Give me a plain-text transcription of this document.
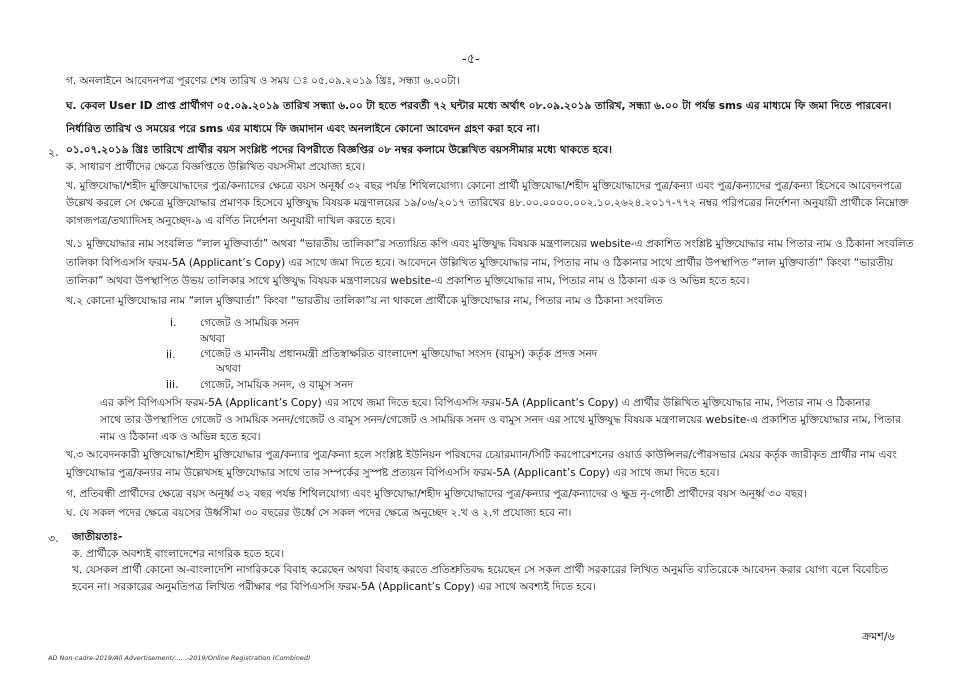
-৫-
গ. অনলাইনে আবেদনপত্র পূরণের শেষ তারিখ ও সময় ঃ ০৫.০৯.২০১৯ খ্রিঃ, সন্ধ্যা ৬.০০টা।
ঘ. কেবল User ID প্রাপ্ত প্রার্থীগণ ০৫.০৯.২০১৯ তারিখ সন্ধ্যা ৬.০০ টা হতে পরবর্তী ৭২ ঘন্টার মধ্যে অর্থাৎ ০৮.০৯.২০১৯ তারিখ, সন্ধ্যা ৬.০০ টা পর্যন্ত sms এর মাধ্যমে ফি জমা দিতে পারবেন।
নির্ধারিত তারিখ ও সময়ের পরে sms এর মাধ্যমে ফি জমাদান এবং অনলাইনে কোনো আবেদন গ্রহণ করা হবে না।
২. ০১.০৭.২০১৯ খ্রিঃ তারিখে প্রার্থীর বয়স সংশ্লিষ্ট পদের বিপরীতে বিজ্ঞপ্তির ০৮ নম্বর কলামে উল্লেখিত বয়সসীমার মধ্যে থাকতে হবে।
ক. সাধারণ প্রার্থীদের ক্ষেত্রে বিজ্ঞপ্তিতে উল্লিখিত বয়সসীমা প্রযোজ্য হবে।
খ. মুক্তিযোদ্ধা/শহীদ মুক্তিযোদ্ধাদের পুত্র/কন্যাদের ক্ষেত্রে বয়স অনূর্ধ্ব ৩২ বছর পর্যন্ত শিথিলযোগ্য। কোনো প্রার্থী মুক্তিযোদ্ধা/শহীদ মুক্তিযোদ্ধাদের পুত্র/কন্যা এবং পুত্র/কন্যাদের পুত্র/কন্যা হিসেবে আবেদনপত্রে
উল্লেখ করলে সে ক্ষেত্রে মুক্তিযোদ্ধার প্রমাণক হিসেবে মুক্তিযুদ্ধ বিষয়ক মন্ত্রণালয়ের ১৯/০৬/২০১৭ তারিখের ৪৮.০০.০০০০.০০২.১০.২৬২৪.২০১৭-৭৭২ নম্বর পরিপত্রের নির্দেশনা অনুযায়ী প্রার্থীকে নিম্নোক্ত
কাগজপত্র/তথ্যাদিসহ অনুচ্ছেদ-৯ এ বর্ণিত নির্দেশনা অনুযায়ী দাখিল করতে হবে।
খ.১ মুক্তিযোদ্ধার নাম সংবলিত “লাল মুক্তিবার্তা” অথবা “ভারতীয় তালিকা”র সত্যায়িত কপি এবং মুক্তিযুদ্ধ বিষয়ক মন্ত্রণালয়ের website-এ প্রকাশিত সংশ্লিষ্ট মুক্তিযোদ্ধার নাম পিতার নাম ও ঠিকানা সংবলিত
তালিকা বিপিএসসি ফরম-5A (Applicant’s Copy) এর সাথে জমা দিতে হবে। আবেদনে উল্লিখিত মুক্তিযোদ্ধার নাম, পিতার নাম ও ঠিকানার সাথে প্রার্থীর উপস্থাপিত “লাল মুক্তিবার্তা” কিংবা “ভারতীয়
তালিকা” অথবা উপস্থাপিত উভয় তালিকার সাথে মুক্তিযুদ্ধ বিষয়ক মন্ত্রণালয়ের website-এ প্রকাশিত মুক্তিযোদ্ধার নাম, পিতার নাম ও ঠিকানা এক ও অভিন্ন হতে হবে।
খ.২ কোনো মুক্তিযোদ্ধার নাম “লাল মুক্তিবার্তা” কিংবা “ভারতীয় তালিকা”য় না থাকলে প্রার্থীকে মুক্তিযোদ্ধার নাম, পিতার নাম ও ঠিকানা সংবলিত
i. গেজেট ও সাময়িক সনদ
অথবা
ii. গেজেট ও মাননীয় প্রধানমন্ত্রী প্রতিস্বাক্ষরিত বাংলাদেশ মুক্তিযোদ্ধা সংসদ (বামুস) কর্তৃক প্রদত্ত সনদ
অথবা
iii. গেজেট, সাময়িক সনদ, ও বামুস সনদ
এর কপি বিপিএসসি ফরম-5A (Applicant’s Copy) এর সাথে জমা দিতে হবে। বিপিএসসি ফরম-5A (Applicant’s Copy) এ প্রার্থীর উল্লিখিত মুক্তিযোদ্ধার নাম, পিতার নাম ও ঠিকানার
সাথে তার উপস্থাপিত গেজেট ও সাময়িক সনদ/গেজেট ও বামুস সনদ/গেজেট ও সাময়িক সনদ ও বামুস সনদ এর সাথে মুক্তিযুদ্ধ বিষয়ক মন্ত্রণালয়ের website-এ প্রকাশিত মুক্তিযোদ্ধার নাম, পিতার
নাম ও ঠিকানা এক ও অভিন্ন হতে হবে।
খ.৩ আবেদনকারী মুক্তিযোদ্ধা/শহীদ মুক্তিযোদ্ধার পুত্র/কন্যার পুত্র/কন্যা হলে সংশ্লিষ্ট ইউনিয়ন পরিষদের চেয়ারম্যান/সিটি করপোরেশনের ওয়ার্ড কাউন্সিলর/পৌরসভার মেয়র কর্তৃক জারীকৃত প্রার্থীর নাম এবং
মুক্তিযোদ্ধার পুত্র/কন্যার নাম উল্লেখসহ মুক্তিযোদ্ধার সাথে তার সম্পর্কের সুস্পষ্ট প্রত্যয়ন বিপিএসসি ফরম-5A (Applicant’s Copy) এর সাথে জমা দিতে হবে।
গ. প্রতিবন্ধী প্রার্থীদের ক্ষেত্রে বয়স অনূর্ধ্ব ৩২ বছর পর্যন্ত শিথিলযোগ্য এবং মুক্তিযোদ্ধা/শহীদ মুক্তিযোদ্ধাদের পুত্র/কন্যার পুত্র/কন্যাদের ও ক্ষুদ্র নৃ-গোষ্ঠী প্রার্থীদের বয়স অনূর্ধ্ব ৩০ বছর।
ঘ. যে সকল পদের ক্ষেত্রে বয়সের উর্ধ্বসীমা ৩০ বছরের উর্ধ্বে সে সকল পদের ক্ষেত্রে অনুচ্ছেদ ২.খ ও ২.গ প্রযোজ্য হবে না।
৩. জাতীয়তাঃ-
ক. প্রার্থীকে অবশ্যই বাংলাদেশের নাগরিক হতে হবে।
খ. যেসকল প্রার্থী কোনো অ-বাংলাদেশি নাগরিককে বিবাহ করেছেন অথবা বিবাহ করতে প্রতিশ্রুতিবদ্ধ হয়েছেন সে সকল প্রার্থী সরকারের লিখিত অনুমতি ব্যতিরেকে আবেদন করার যোগ্য বলে বিবেচিত
হবেন না। সরকারের অনুমতিপত্র লিখিত পরীক্ষার পর বিপিএসসি ফরম-5A (Applicant’s Copy) এর সাথে অবশ্যই দিতে হবে।
ক্রমশ/৬
AD Non-cadre-2019/All Advertisement/......-2019/Online Registration (Combined)
